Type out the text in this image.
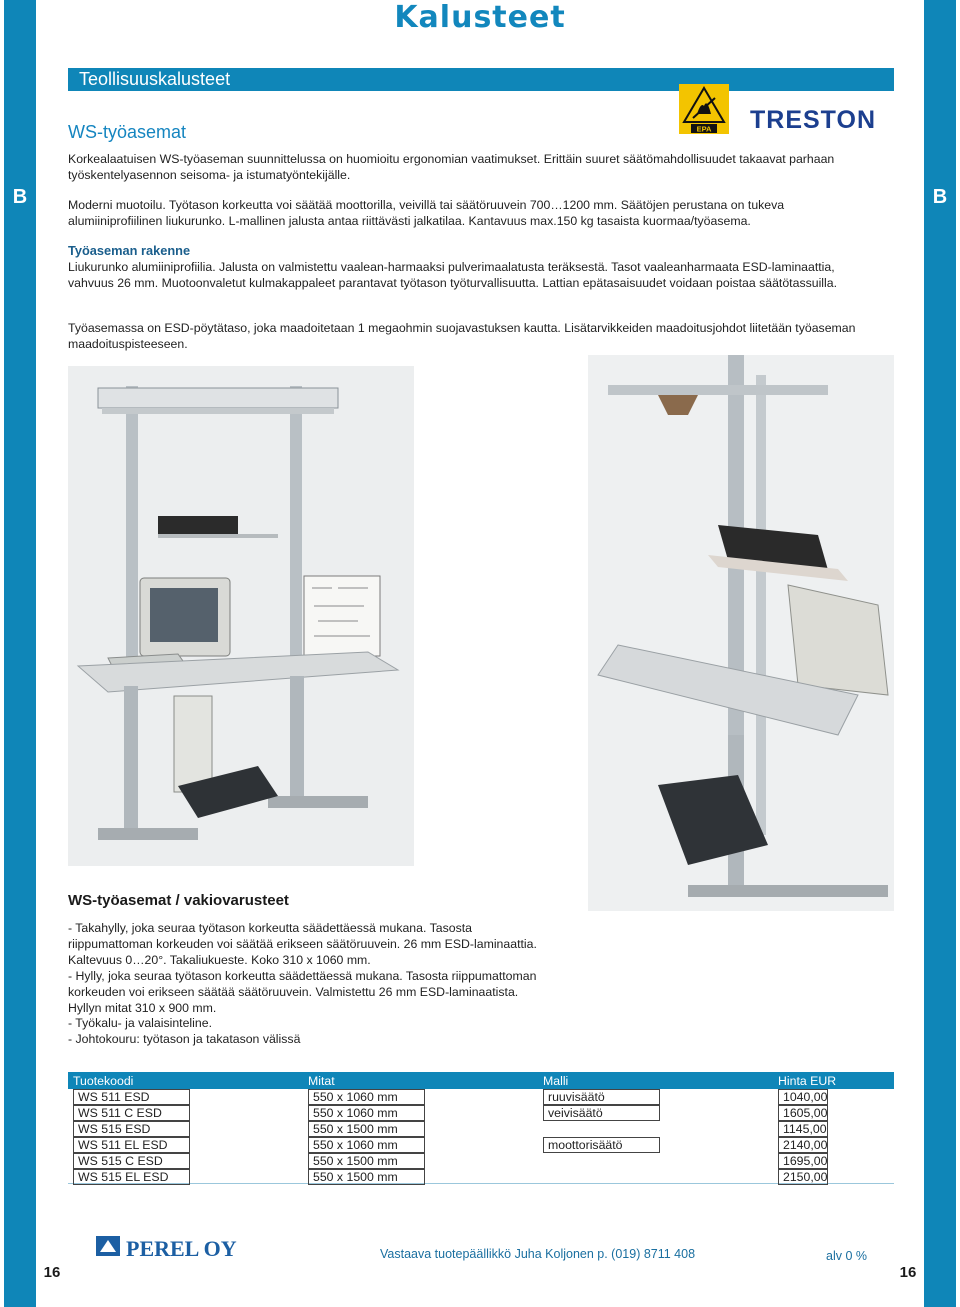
B	B
16	16
Kalusteet
Teollisuuskalusteet
EPA TRESTON
WS-työasemat
Korkealaatuisen WS-työaseman suunnittelussa on huomioitu ergonomian vaatimukset. Erittäin suuret säätömahdollisuudet takaavat parhaan työskentelyasennon seisoma- ja istumatyöntekijälle.
Moderni muotoilu. Työtason korkeutta voi säätää moottorilla, veivillä tai säätöruuvein 700…1200 mm. Säätöjen perustana on tukeva alumiiniprofiilinen liukurunko. L-mallinen jalusta antaa riittävästi jalkatilaa. Kantavuus max.150 kg tasaista kuormaa/työasema.
Työaseman rakenne
Liukurunko alumiiniprofiilia. Jalusta on valmistettu vaalean-harmaaksi pulverimaalatusta teräksestä. Tasot vaaleanharmaata ESD-laminaattia, vahvuus 26 mm. Muotoonvaletut kulmakappaleet parantavat työtason työturvallisuutta. Lattian epätasaisuudet voidaan poistaa säätötassuilla.
Työasemassa on ESD-pöytätaso, joka maadoitetaan 1 megaohmin suojavastuksen kautta. Lisätarvikkeiden maadoitusjohdot liitetään työaseman maadoituspisteeseen.
WS-työasemat / vakiovarusteet
- Takahylly, joka seuraa työtason korkeutta säädettäessä mukana. Tasosta riippumattoman korkeuden voi säätää erikseen säätöruuvein. 26 mm ESD-laminaattia. Kaltevuus 0…20°. Takaliukueste. Koko 310 x 1060 mm.
- Hylly, joka seuraa työtason korkeutta säädettäessä mukana. Tasosta riippumattoman korkeuden voi erikseen säätää säätöruuvein. Valmistettu 26 mm ESD-laminaatista. Hyllyn mitat 310 x 900 mm.
- Työkalu- ja valaisinteline.
- Johtokouru: työtason ja takatason välissä
Tuotekoodi	Mitat	Malli	Hinta EUR

WS 511 ESD	550 x 1060 mm	ruuvisäätö	1040,00

WS 511 C ESD	550 x 1060 mm	veivisäätö	1605,00

WS 515 ESD	550 x 1500 mm		1145,00

WS 511 EL ESD	550 x 1060 mm	moottorisäätö	2140,00

WS 515 C ESD	550 x 1500 mm		1695,00

WS 515 EL ESD	550 x 1500 mm		2150,00
PEREL OY	Vastaava tuotepäällikkö Juha Koljonen p. (019) 8711 408	alv 0 %
